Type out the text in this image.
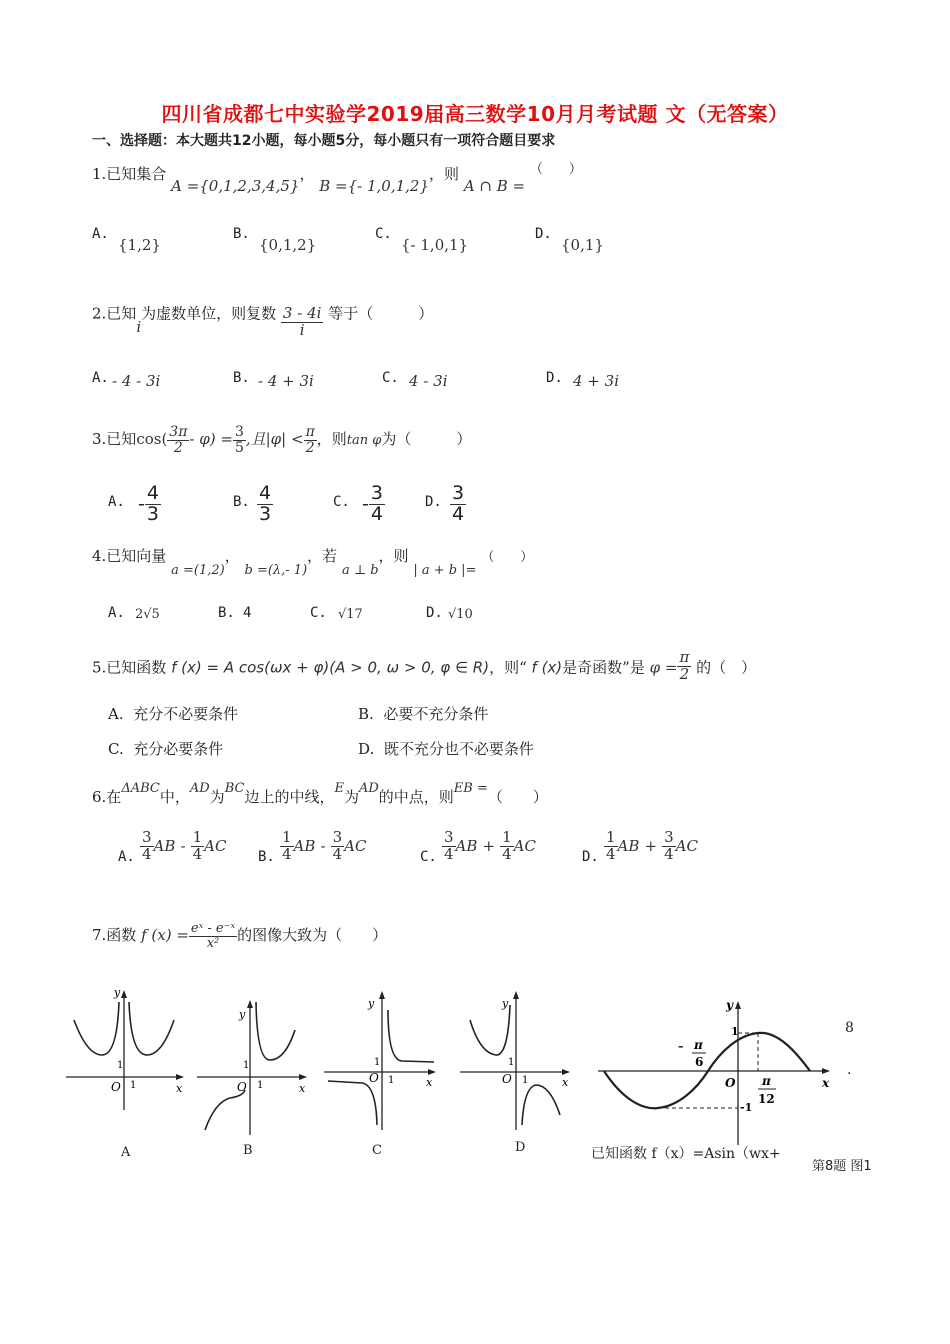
四川省成都七中实验学2019届高三数学10月月考试题 文（无答案）
一、选择题：本大题共12小题，每小题5分，每小题只有一项符合题目要求
1.已知集合 A ={0,1,2,3,4,5}， B ={- 1,0,1,2}，则 A ∩ B = （　　）
A.
{1,2}
B.
{0,1,2}
C.
{- 1,0,1}
D.
{0,1}
2.已知i为虚数单位，则复数 $\frac{3 - 4i}{i}$ 等于（　　　）
A. - 4 - 3i	B. - 4 + 3i	C. 4 - 3i	D. 4 + 3i
3.已知$\cos( \frac{3\pi}{2} - \varphi) = \frac{3}{5}$ ,且$|\varphi| < \frac{\pi}{2}$ ，则tan φ为（　　　）
A. - $\frac{4}{3}$	B. $\frac{4}{3}$	C. - $\frac{3}{4}$	D. $\frac{3}{4}$
4.已知向量 a =(1,2)， b =(λ,- 1)，若 a ⊥ b，则 | a + b |= （　　）
A. 2√5	B. 4	C. √17	D. √10
5.已知函数 f (x) = A cos(ωx + φ)(A > 0, ω > 0, φ ∈ R)，则“ f (x)是奇函数”是 $\varphi = \frac{\pi}{2}$ 的（　）
A. 充分不必要条件	B. 必要不充分条件
C. 充分必要条件	D. 既不充分也不必要条件
6.在ΔABC中，AD为BC边上的中线，E为AD的中点，则EB =（　　）
A. $\frac{3}{4}$ AB - $\frac{1}{4}$ AC
B. $\frac{1}{4}$ AB - $\frac{3}{4}$ AC
C. $\frac{3}{4}$ AB + $\frac{1}{4}$ AC
D. $\frac{1}{4}$ AB + $\frac{3}{4}$ AC
7.函数 f $(x) = \frac{\text{eˣ - e⁻ˣ}}{\text{x²}}$ 的图像大致为（　　）
y
x
O
1
1
A
y
x
O
1
1
B
y
x
O
1
1
C
y
x
O
1
1
D
y
x
O
1
-1
– π
6
π
12
8
.
已知函数 f（x）=Asin（wx+
第8题 图1
